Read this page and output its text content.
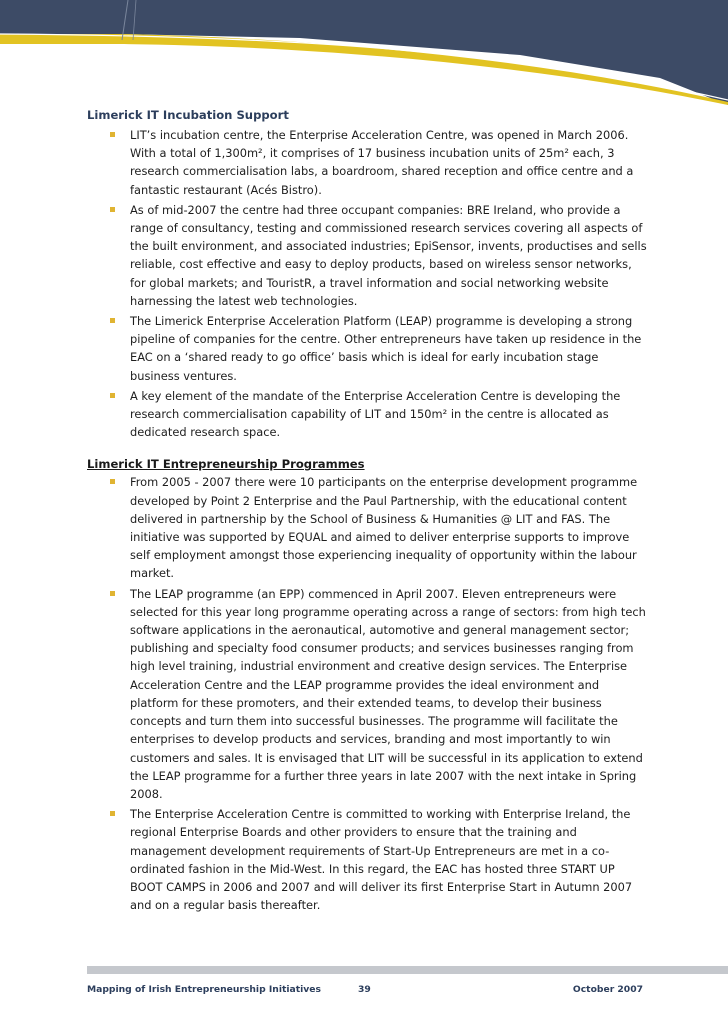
Limerick IT Incubation Support

LIT’s incubation centre, the Enterprise Acceleration Centre, was opened in March 2006. With a total of 1,300m², it comprises of 17 business incubation units of 25m² each, 3 research commercialisation labs, a boardroom, shared reception and office centre and a fantastic restaurant (Acés Bistro).
As of mid-2007 the centre had three occupant companies: BRE Ireland, who provide a range of consultancy, testing and commissioned research services covering all aspects of the built environment, and associated industries; EpiSensor, invents, productises and sells reliable, cost effective and easy to deploy products, based on wireless sensor networks, for global markets; and TouristR, a travel information and social networking website harnessing the latest web technologies.
The Limerick Enterprise Acceleration Platform (LEAP) programme is developing a strong pipeline of companies for the centre. Other entrepreneurs have taken up residence in the EAC on a ‘shared ready to go office’ basis which is ideal for early incubation stage business ventures.
A key element of the mandate of the Enterprise Acceleration Centre is developing the research commercialisation capability of LIT and 150m² in the centre is allocated as dedicated research space.

Limerick IT Entrepreneurship Programmes

From 2005 - 2007 there were 10 participants on the enterprise development programme developed by Point 2 Enterprise and the Paul Partnership, with the educational content delivered in partnership by the School of Business & Humanities @ LIT and FAS. The initiative was supported by EQUAL and aimed to deliver enterprise supports to improve self employment amongst those experiencing inequality of opportunity within the labour market.
The LEAP programme (an EPP) commenced in April 2007. Eleven entrepreneurs were selected for this year long programme operating across a range of sectors: from high tech software applications in the aeronautical, automotive and general management sector; publishing and specialty food consumer products; and services businesses ranging from high level training, industrial environment and creative design services. The Enterprise Acceleration Centre and the LEAP programme provides the ideal environment and platform for these promoters, and their extended teams, to develop their business concepts and turn them into successful businesses. The programme will facilitate the enterprises to develop products and services, branding and most importantly to win customers and sales. It is envisaged that LIT will be successful in its application to extend the LEAP programme for a further three years in late 2007 with the next intake in Spring 2008.
The Enterprise Acceleration Centre is committed to working with Enterprise Ireland, the regional Enterprise Boards and other providers to ensure that the training and management development requirements of Start-Up Entrepreneurs are met in a co-ordinated fashion in the Mid-West. In this regard, the EAC has hosted three START UP BOOT CAMPS in 2006 and 2007 and will deliver its first Enterprise Start in Autumn 2007 and on a regular basis thereafter.
Mapping of Irish Entrepreneurship Initiatives	39	October 2007
